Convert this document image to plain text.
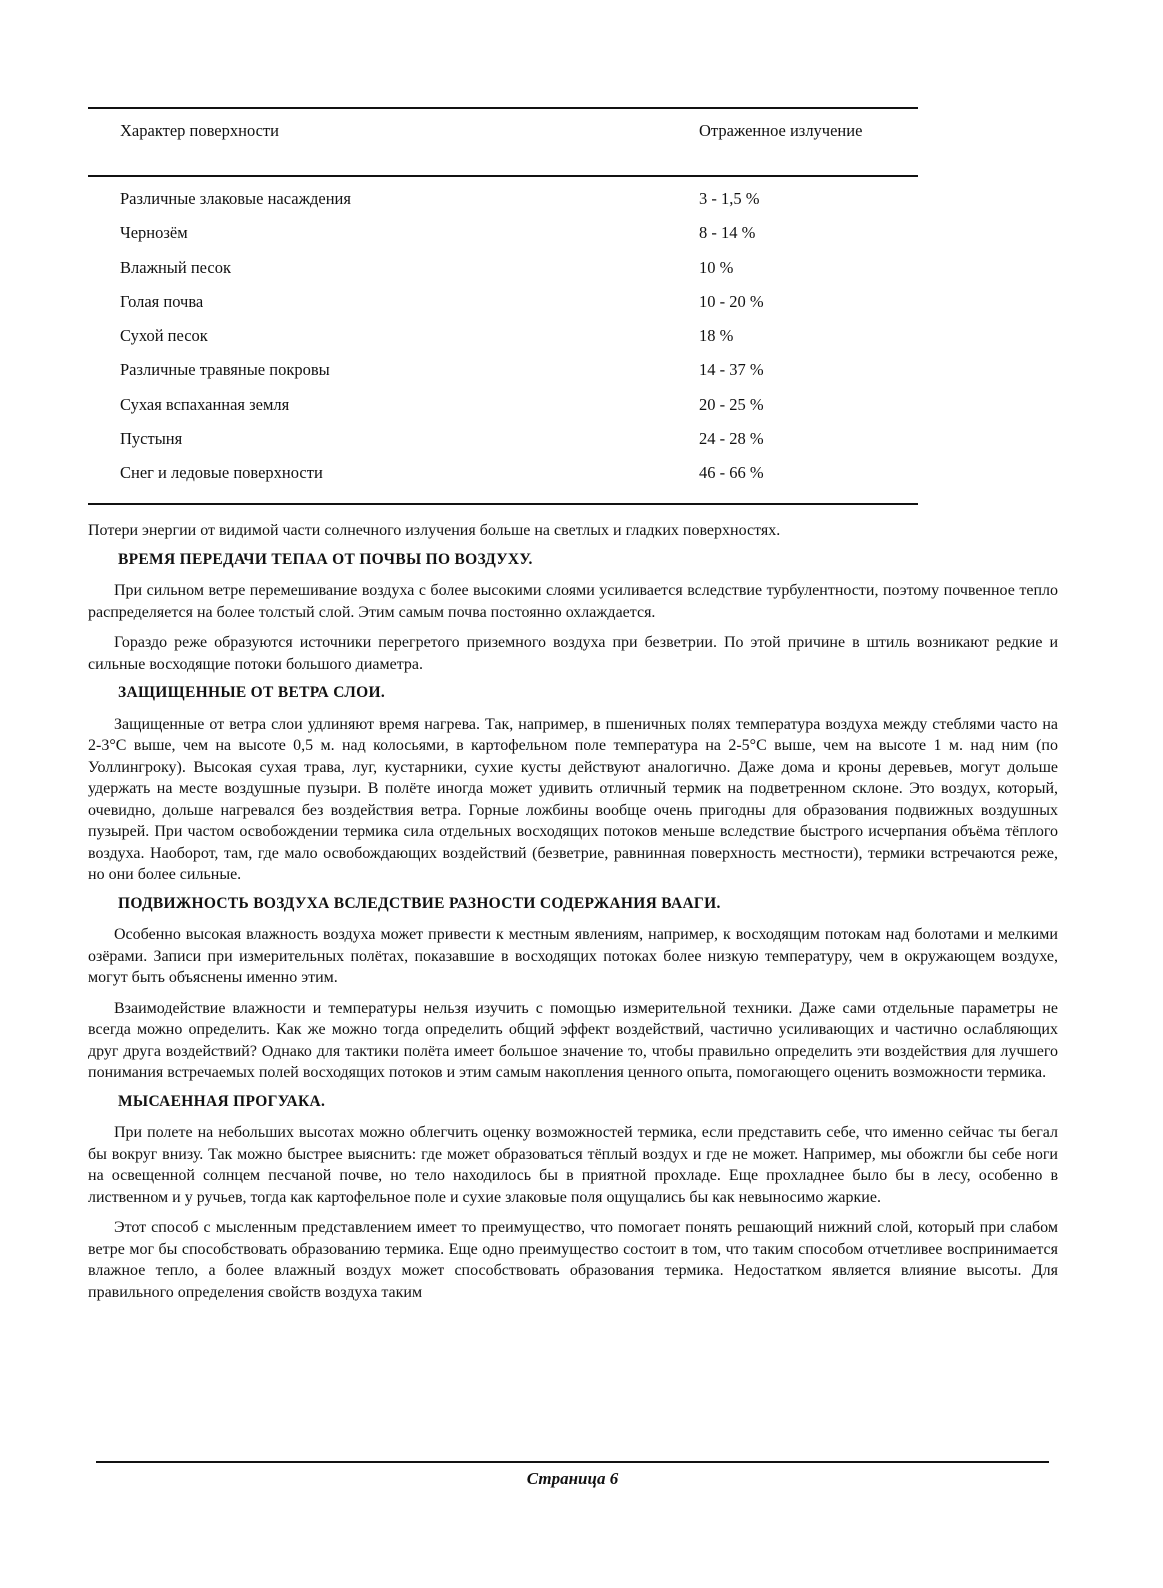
Характер поверхности	Отраженное излучение
Различные злаковые насаждения	3 - 1,5 %
Чернозём	8 - 14 %
Влажный песок	10 %
Голая почва	10 - 20 %
Сухой песок	18 %
Различные травяные покровы	14 - 37 %
Сухая вспаханная земля	20 - 25 %
Пустыня	24 - 28 %
Снег и ледовые поверхности	46 - 66 %

Потери энергии от видимой части солнечного излучения больше на светлых и гладких поверхностях.

ВРЕМЯ ПЕРЕДАЧИ ТЕПАА ОТ ПОЧВЫ ПО ВОЗДУХУ.

При сильном ветре перемешивание воздуха с более высокими слоями усиливается вследствие турбулентности, поэтому почвенное тепло распределяется на более толстый слой. Этим самым почва постоянно охлаждается.

Гораздо реже образуются источники перегретого приземного воздуха при безветрии. По этой причине в штиль возникают редкие и сильные восходящие потоки большого диаметра.

ЗАЩИЩЕННЫЕ ОТ ВЕТРА СЛОИ.

Защищенные от ветра слои удлиняют время нагрева. Так, например, в пшеничных полях температура воздуха между стеблями часто на 2-3°С выше, чем на высоте 0,5 м. над колосьями, в картофельном поле температура на 2-5°С выше, чем на высоте 1 м. над ним (по Уоллингроку). Высокая сухая трава, луг, кустарники, сухие кусты действуют аналогично. Даже дома и кроны деревьев, могут дольше удержать на месте воздушные пузыри. В полёте иногда может удивить отличный термик на подветренном склоне. Это воздух, который, очевидно, дольше нагревался без воздействия ветра. Горные ложбины вообще очень пригодны для образования подвижных воздушных пузырей. При частом освобождении термика сила отдельных восходящих потоков меньше вследствие быстрого исчерпания объёма тёплого воздуха. Наоборот, там, где мало освобождающих воздействий (безветрие, равнинная поверхность местности), термики встречаются реже, но они более сильные.

ПОДВИЖНОСТЬ ВОЗДУХА ВСЛЕДСТВИЕ РАЗНОСТИ СОДЕРЖАНИЯ ВААГИ.

Особенно высокая влажность воздуха может привести к местным явлениям, например, к восходящим потокам над болотами и мелкими озёрами. Записи при измерительных полётах, показавшие в восходящих потоках более низкую температуру, чем в окружающем воздухе, могут быть объяснены именно этим.

Взаимодействие влажности и температуры нельзя изучить с помощью измерительной техники. Даже сами отдельные параметры не всегда можно определить. Как же можно тогда определить общий эффект воздействий, частично усиливающих и частично ослабляющих друг друга воздействий? Однако для тактики полёта имеет большое значение то, чтобы правильно определить эти воздействия для лучшего понимания встречаемых полей восходящих потоков и этим самым накопления ценного опыта, помогающего оценить возможности термика.

МЫСАЕННАЯ ПРОГУАКА.

При полете на небольших высотах можно облегчить оценку возможностей термика, если представить себе, что именно сейчас ты бегал бы вокруг внизу. Так можно быстрее выяснить: где может образоваться тёплый воздух и где не может. Например, мы обожгли бы себе ноги на освещенной солнцем песчаной почве, но тело находилось бы в приятной прохладе. Еще прохладнее было бы в лесу, особенно в лиственном и у ручьев, тогда как картофельное поле и сухие злаковые поля ощущались бы как невыносимо жаркие.

Этот способ с мысленным представлением имеет то преимущество, что помогает понять решающий нижний слой, который при слабом ветре мог бы способствовать образованию термика. Еще одно преимущество состоит в том, что таким способом отчетливее воспринимается влажное тепло, а более влажный воздух может способствовать образования термика. Недостатком является влияние высоты. Для правильного определения свойств воздуха таким

Страница 6
